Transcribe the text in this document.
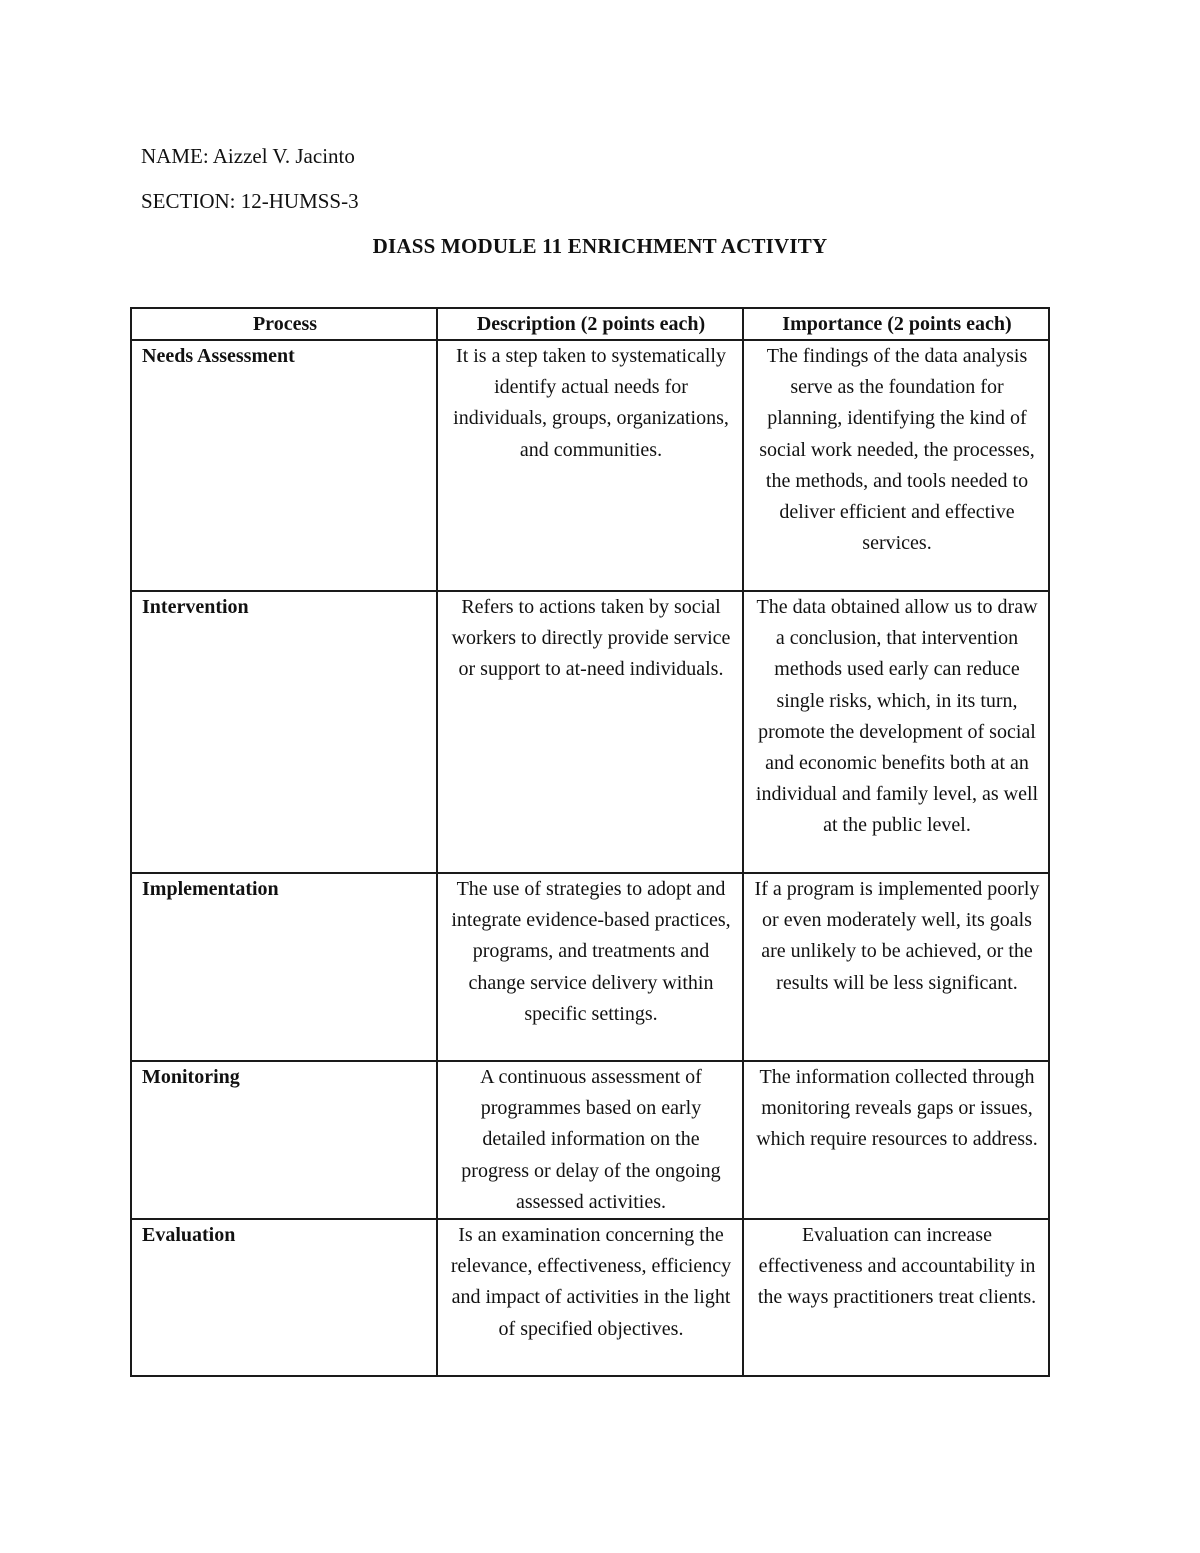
NAME: Aizzel V. Jacinto
SECTION: 12-HUMSS-3
DIASS MODULE 11 ENRICHMENT ACTIVITY
Process	Description (2 points each)	Importance (2 points each)
Needs Assessment	It is a step taken to systematically identify actual needs for individuals, groups, organizations, and communities.	The findings of the data analysis serve as the foundation for planning, identifying the kind of social work needed, the processes, the methods, and tools needed to deliver efficient and effective services.
Intervention	Refers to actions taken by social workers to directly provide service or support to at-need individuals.	The data obtained allow us to draw a conclusion, that intervention methods used early can reduce single risks, which, in its turn, promote the development of social and economic benefits both at an individual and family level, as well at the public level.
Implementation	The use of strategies to adopt and integrate evidence-based practices, programs, and treatments and change service delivery within specific settings.	If a program is implemented poorly or even moderately well, its goals are unlikely to be achieved, or the results will be less significant.
Monitoring	A continuous assessment of programmes based on early detailed information on the progress or delay of the ongoing assessed activities.	The information collected through monitoring reveals gaps or issues, which require resources to address.
Evaluation	Is an examination concerning the relevance, effectiveness, efficiency and impact of activities in the light of specified objectives.	Evaluation can increase effectiveness and accountability in the ways practitioners treat clients.
